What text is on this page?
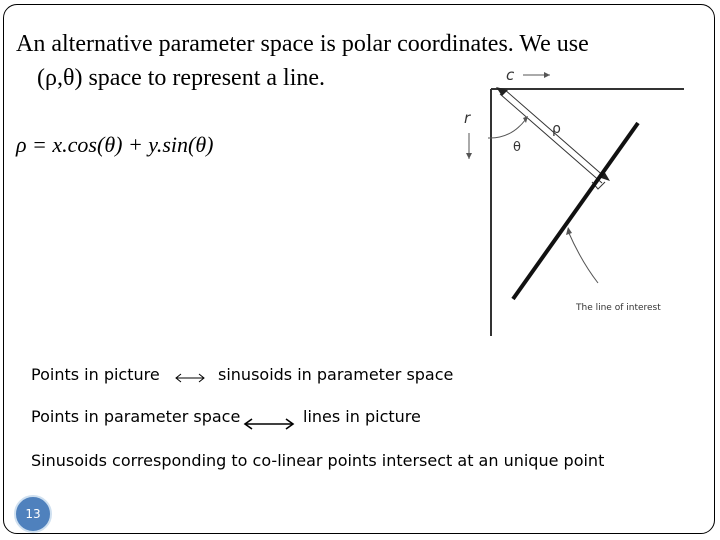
An alternative parameter space is polar coordinates. We use
(ρ,θ) space to represent a line.
ρ = x.cos(θ) + y.sin(θ)
c
r
θ
ρ
The line of interest
Points in picture	sinusoids in parameter space
Points in parameter space	lines in picture
Sinusoids corresponding to co-linear points intersect at an unique point
13
